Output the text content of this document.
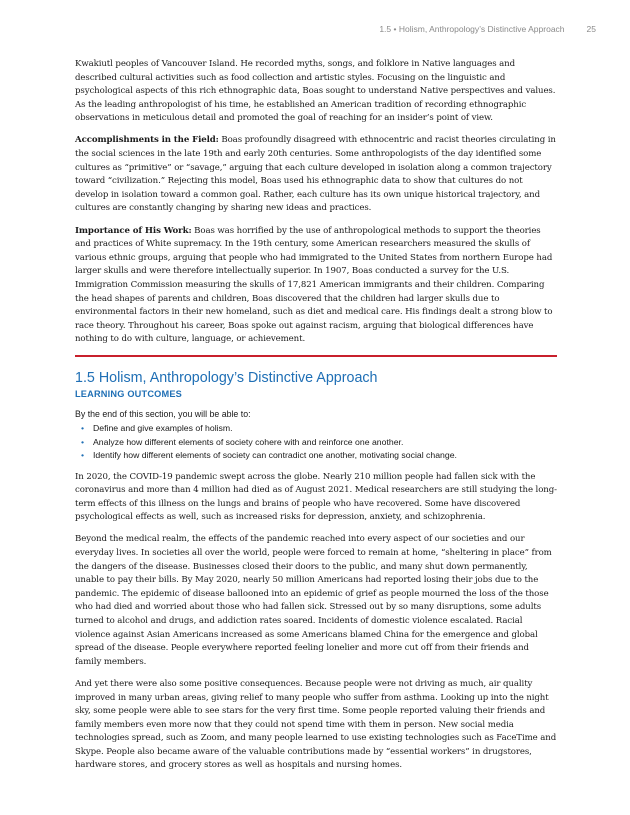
1.5 • Holism, Anthropology’s Distinctive Approach	25

Kwakiutl peoples of Vancouver Island. He recorded myths, songs, and folklore in Native languages and described cultural activities such as food collection and artistic styles. Focusing on the linguistic and psychological aspects of this rich ethnographic data, Boas sought to understand Native perspectives and values. As the leading anthropologist of his time, he established an American tradition of recording ethnographic observations in meticulous detail and promoted the goal of reaching for an insider’s point of view.

Accomplishments in the Field: Boas profoundly disagreed with ethnocentric and racist theories circulating in the social sciences in the late 19th and early 20th centuries. Some anthropologists of the day identified some cultures as “primitive” or “savage,” arguing that each culture developed in isolation along a common trajectory toward “civilization.” Rejecting this model, Boas used his ethnographic data to show that cultures do not develop in isolation toward a common goal. Rather, each culture has its own unique historical trajectory, and cultures are constantly changing by sharing new ideas and practices.

Importance of His Work: Boas was horrified by the use of anthropological methods to support the theories and practices of White supremacy. In the 19th century, some American researchers measured the skulls of various ethnic groups, arguing that people who had immigrated to the United States from northern Europe had larger skulls and were therefore intellectually superior. In 1907, Boas conducted a survey for the U.S. Immigration Commission measuring the skulls of 17,821 American immigrants and their children. Comparing the head shapes of parents and children, Boas discovered that the children had larger skulls due to environmental factors in their new homeland, such as diet and medical care. His findings dealt a strong blow to race theory. Throughout his career, Boas spoke out against racism, arguing that biological differences have nothing to do with culture, language, or achievement.

1.5 Holism, Anthropology’s Distinctive Approach
LEARNING OUTCOMES
By the end of this section, you will be able to:
• Define and give examples of holism.
• Analyze how different elements of society cohere with and reinforce one another.
• Identify how different elements of society can contradict one another, motivating social change.

In 2020, the COVID-19 pandemic swept across the globe. Nearly 210 million people had fallen sick with the coronavirus and more than 4 million had died as of August 2021. Medical researchers are still studying the long-term effects of this illness on the lungs and brains of people who have recovered. Some have discovered psychological effects as well, such as increased risks for depression, anxiety, and schizophrenia.

Beyond the medical realm, the effects of the pandemic reached into every aspect of our societies and our everyday lives. In societies all over the world, people were forced to remain at home, “sheltering in place” from the dangers of the disease. Businesses closed their doors to the public, and many shut down permanently, unable to pay their bills. By May 2020, nearly 50 million Americans had reported losing their jobs due to the pandemic. The epidemic of disease ballooned into an epidemic of grief as people mourned the loss of the those who had died and worried about those who had fallen sick. Stressed out by so many disruptions, some adults turned to alcohol and drugs, and addiction rates soared. Incidents of domestic violence escalated. Racial violence against Asian Americans increased as some Americans blamed China for the emergence and global spread of the disease. People everywhere reported feeling lonelier and more cut off from their friends and family members.

And yet there were also some positive consequences. Because people were not driving as much, air quality improved in many urban areas, giving relief to many people who suffer from asthma. Looking up into the night sky, some people were able to see stars for the very first time. Some people reported valuing their friends and family members even more now that they could not spend time with them in person. New social media technologies spread, such as Zoom, and many people learned to use existing technologies such as FaceTime and Skype. People also became aware of the valuable contributions made by “essential workers” in drugstores, hardware stores, and grocery stores as well as hospitals and nursing homes.
